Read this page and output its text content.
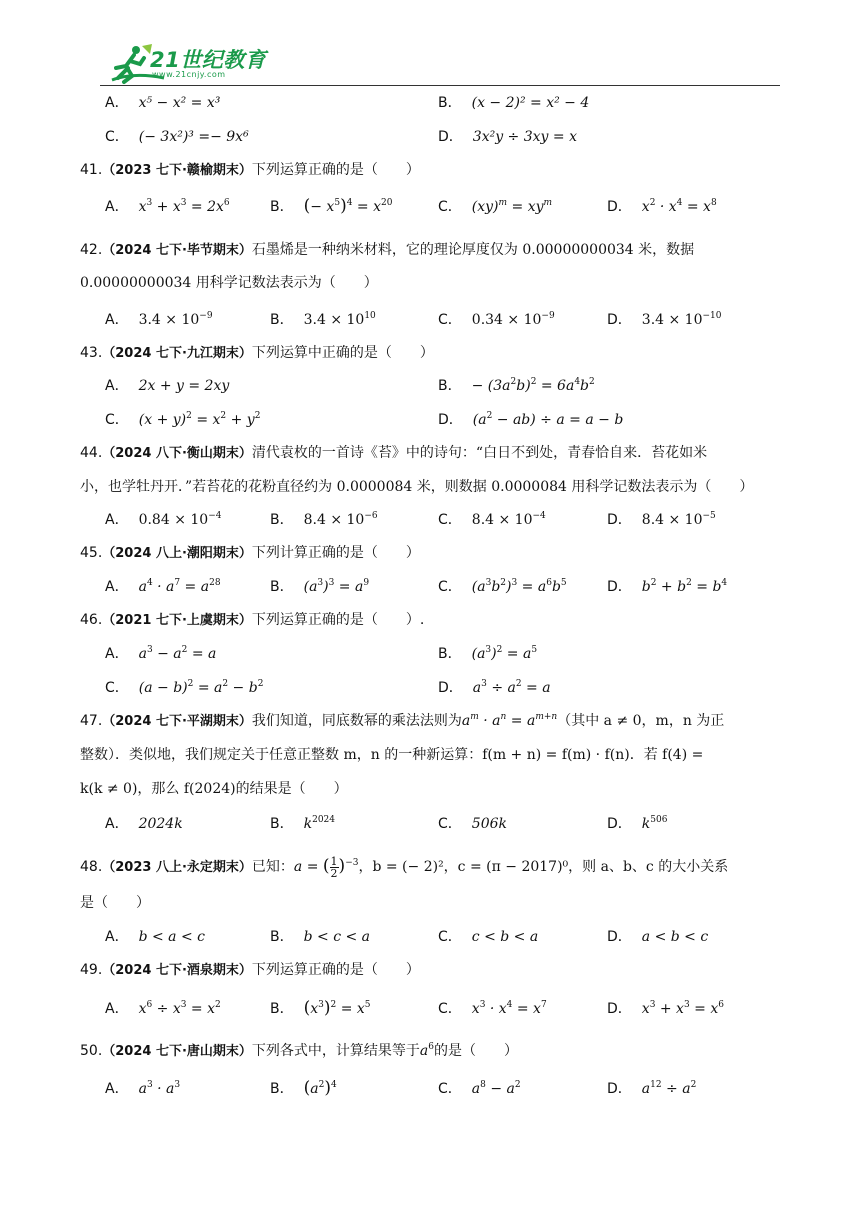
21世纪教育
www.21cnjy.com
A． x⁵ − x² = x³	B． (x − 2)² = x² − 4
C． (− 3x²)³ =− 9x⁶	D． 3x²y ÷ 3xy = x
41.（2023 七下·赣榆期末）下列运算正确的是（　　）
A． $x^3 + x^3 = 2x^6$	B． (− $x^5)^4 = x^{20}$	C． $(xy)^m = xy^m$	D． $x^2 \cdot x^4 = x^8$
42.（2024 七下·毕节期末）石墨烯是一种纳米材料，它的理论厚度仅为 0.00000000034 米，数据
0.00000000034 用科学记数法表示为（　　）
A． $3.4 \times 10^{-9}$	B． $3.4 \times 10^{10}$	C． $0.34 \times 10^{-9}$	D． $3.4 \times 10^{-10}$
43.（2024 七下·九江期末）下列运算中正确的是（　　）
A． 2x + y = 2xy	B． − $(3a^2b)^2 = 6a^4b^2$
C． $(x + y)^2 = x^2 + y^2$	D． $(a^2 - ab) \div a = a - b$
44.（2024 八下·衡山期末）清代袁枚的一首诗《苔》中的诗句：“白日不到处，青春恰自来．苔花如米
小，也学牡丹开．”若苔花的花粉直径约为 0.0000084 米，则数据 0.0000084 用科学记数法表示为（　　）
A． $0.84 \times 10^{-4}$	B． $8.4 \times 10^{-6}$	C． $8.4 \times 10^{-4}$	D． $8.4 \times 10^{-5}$
45.（2024 八上·潮阳期末）下列计算正确的是（　　）
A． $a^4 \cdot a^7 = a^{28}$	B． $(a^3)^3 = a^9$	C． $(a^3b^2)^3 = a^6b^5$	D． $b^2 + b^2 = b^4$
46.（2021 七下·上虞期末）下列运算正确的是（　　）.
A． $a^3 - a^2 = a$	B． $(a^3)^2 = a^5$
C． $(a - b)^2 = a^2 - b^2$	D． $a^3 \div a^2 = a$
47.（2024 七下·平湖期末）我们知道，同底数幂的乘法法则为$a^m \cdot a^n = a^{m+n}$（其中 a ≠ 0，m，n 为正
整数）．类似地，我们规定关于任意正整数 m，n 的一种新运算：f(m + n) = f(m) · f(n)．若 f(4) =
k(k ≠ 0)，那么 f(2024)的结果是（　　）
A． 2024k	B． $k^{2024}$	C． 506k	D． $k^{506}$
48.（2023 八上·永定期末）已知：a = ( $\frac{1}{2} )^{-3}$，b = (− 2)²，c = (π − 2017)⁰，则 a、b、c 的大小关系
是（　　）
A． b < a < c	B． b < c < a	C． c < b < a	D． a < b < c
49.（2024 七下·酒泉期末）下列运算正确的是（　　）
A． $x^6 \div x^3 = x^2$	B． $(x^3)^2 = x^5$	C． $x^3 \cdot x^4 = x^7$	D． $x^3 + x^3 = x^6$
50.（2024 七下·唐山期末）下列各式中，计算结果等于$a^6$的是（　　）
A． $a^3 \cdot a^3$	B． $(a^2)^4$	C． $a^8 - a^2$	D． $a^{12} \div a^2$
